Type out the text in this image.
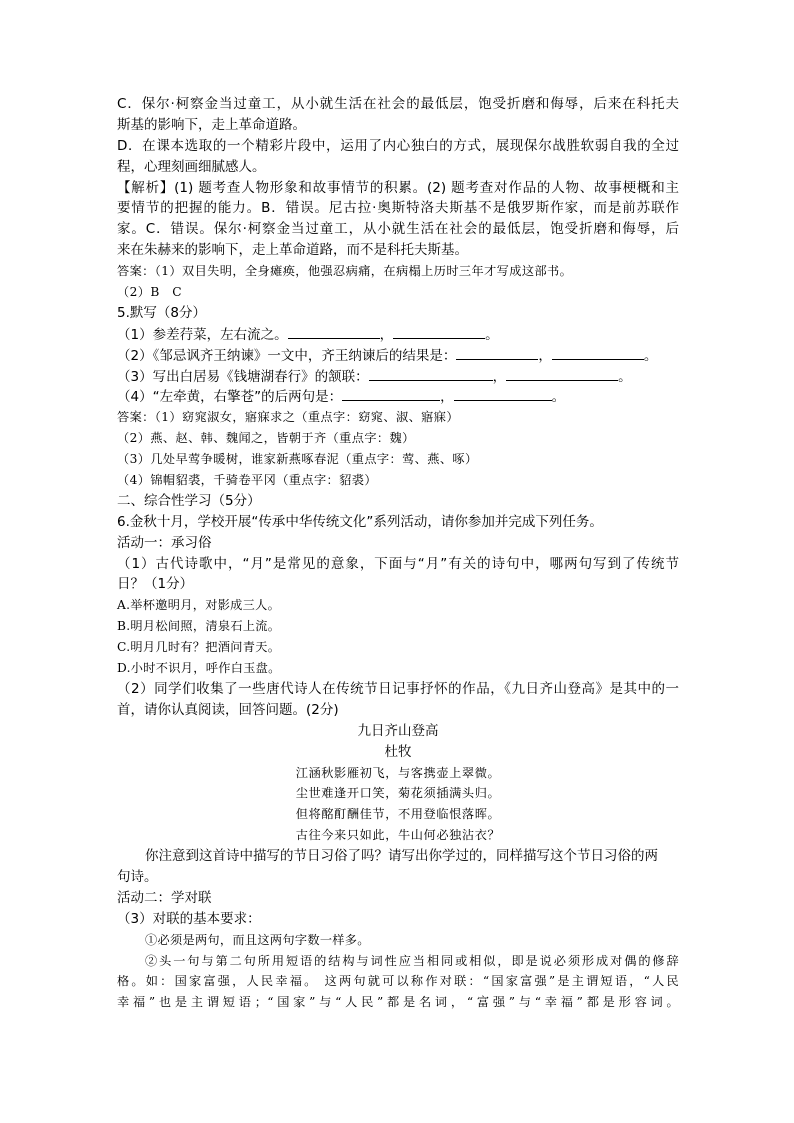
C．保尔·柯察金当过童工，从小就生活在社会的最低层，饱受折磨和侮辱，后来在科托夫
斯基的影响下，走上革命道路。
D．在课本选取的一个精彩片段中，运用了内心独白的方式，展现保尔战胜软弱自我的全过
程，心理刻画细腻感人。
【解析】(1) 题考查人物形象和故事情节的积累。(2) 题考查对作品的人物、故事梗概和主
要情节的把握的能力。B．错误。尼古拉·奥斯特洛夫斯基不是俄罗斯作家，而是前苏联作
家。C．错误。保尔·柯察金当过童工，从小就生活在社会的最低层，饱受折磨和侮辱，后
来在朱赫来的影响下，走上革命道路，而不是科托夫斯基。
答案：（1）双目失明，全身瘫痪，他强忍病痛，在病榻上历时三年才写成这部书。
（2）B　C
5.默写（8分）
（1）参差荇菜，左右流之。	，	。
（2）《邹忌讽齐王纳谏》一文中，齐王纳谏后的结果是：	，	。
（3）写出白居易《钱塘湖春行》的颔联：	，	。
（4）“左牵黄，右擎苍”的后两句是：	，	。
答案：（1）窈窕淑女，寤寐求之（重点字：窈窕、淑、寤寐）
（2）燕、赵、韩、魏闻之，皆朝于齐（重点字：魏）
（3）几处早莺争暖树，谁家新燕啄春泥（重点字：莺、燕、啄）
（4）锦帽貂裘，千骑卷平冈（重点字：貂裘）
二、综合性学习（5分）
6.金秋十月，学校开展“传承中华传统文化”系列活动，请你参加并完成下列任务。
活动一：承习俗
（1）古代诗歌中，“月”是常见的意象，下面与“月”有关的诗句中，哪两句写到了传统节
日？（1分）
A.举杯邀明月，对影成三人。
B.明月松间照，清泉石上流。
C.明月几时有？把酒问青天。
D.小时不识月，呼作白玉盘。
（2）同学们收集了一些唐代诗人在传统节日记事抒怀的作品，《九日齐山登高》是其中的一
首，请你认真阅读，回答问题。(2分)
九日齐山登高
杜牧
江涵秋影雁初飞，与客携壶上翠微。
尘世难逢开口笑，菊花须插满头归。
但将酩酊酬佳节，不用登临恨落晖。
古往今来只如此，牛山何必独沾衣？
你注意到这首诗中描写的节日习俗了吗？请写出你学过的，同样描写这个节日习俗的两
句诗。
活动二：学对联
（3）对联的基本要求：
①必须是两句，而且这两句字数一样多。
②头一句与第二句所用短语的结构与词性应当相同或相似，即是说必须形成对偶的修辞
格。如：国家富强，人民幸福。 这两句就可以称作对联：“国家富强”是主谓短语，“人民
幸福”也是主谓短语；“国家”与“人民”都是名词，“富强”与“幸福”都是形容词。
